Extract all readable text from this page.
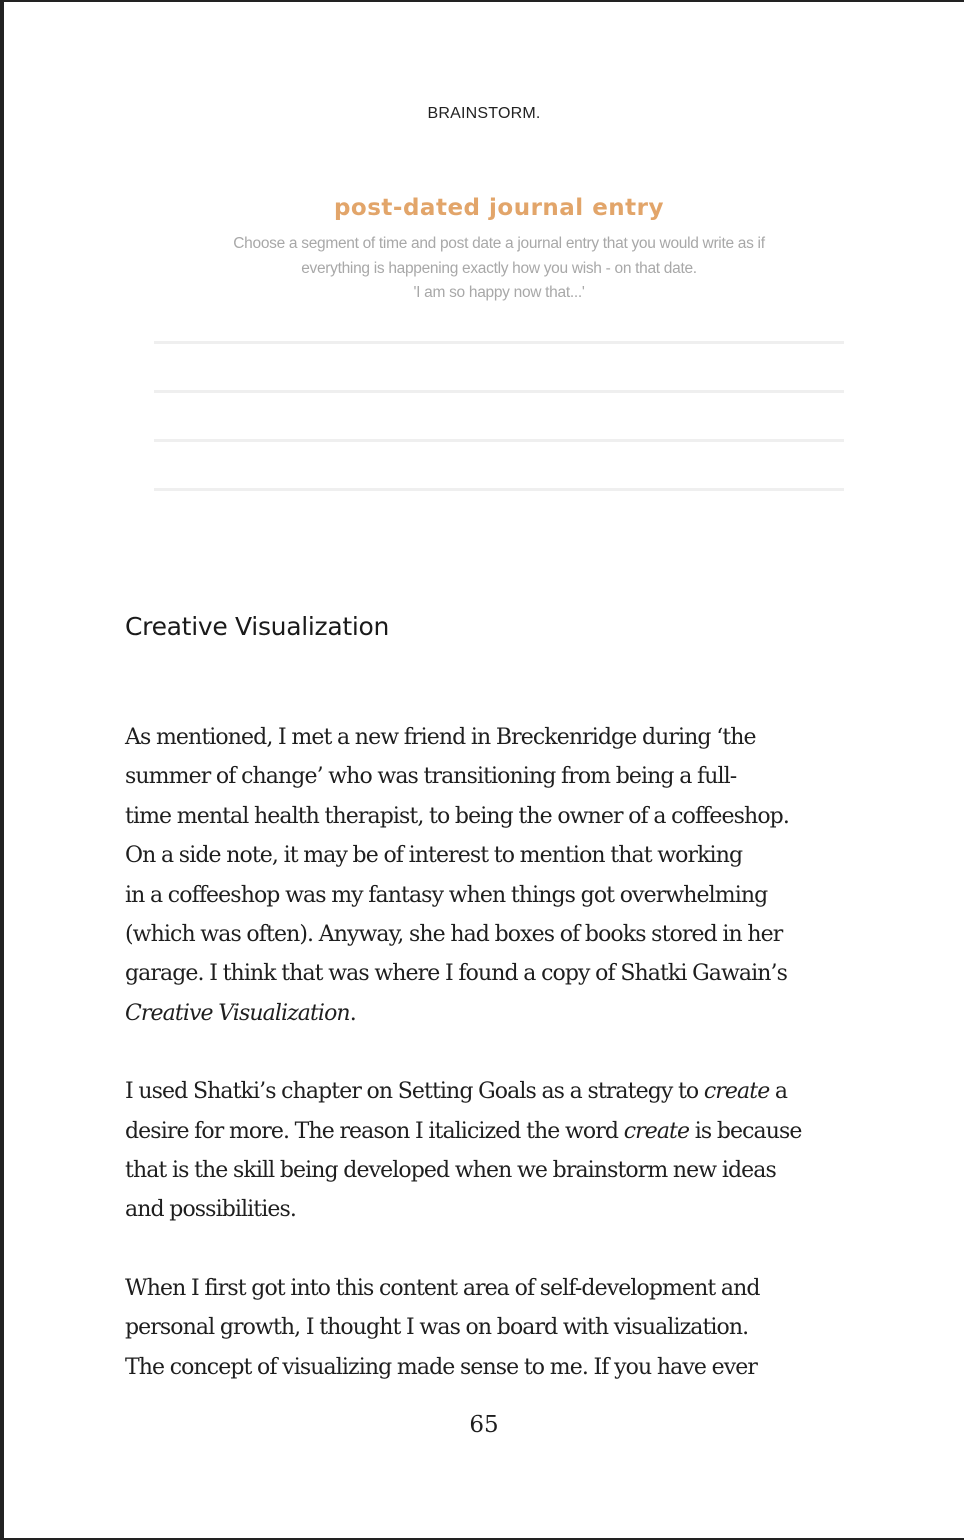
BRAINSTORM.
post-dated journal entry
Choose a segment of time and post date a journal entry that you would write as if
everything is happening exactly how you wish - on that date.
'I am so happy now that...'
Creative Visualization

As mentioned, I met a new friend in Breckenridge during ‘the
summer of change’ who was transitioning from being a full-
time mental health therapist, to being the owner of a coffeeshop.
On a side note, it may be of interest to mention that working
in a coffeeshop was my fantasy when things got overwhelming
(which was often). Anyway, she had boxes of books stored in her
garage. I think that was where I found a copy of Shatki Gawain’s
Creative Visualization.

I used Shatki’s chapter on Setting Goals as a strategy to create a
desire for more. The reason I italicized the word create is because
that is the skill being developed when we brainstorm new ideas
and possibilities.

When I first got into this content area of self-development and
personal growth, I thought I was on board with visualization.
The concept of visualizing made sense to me. If you have ever

65
